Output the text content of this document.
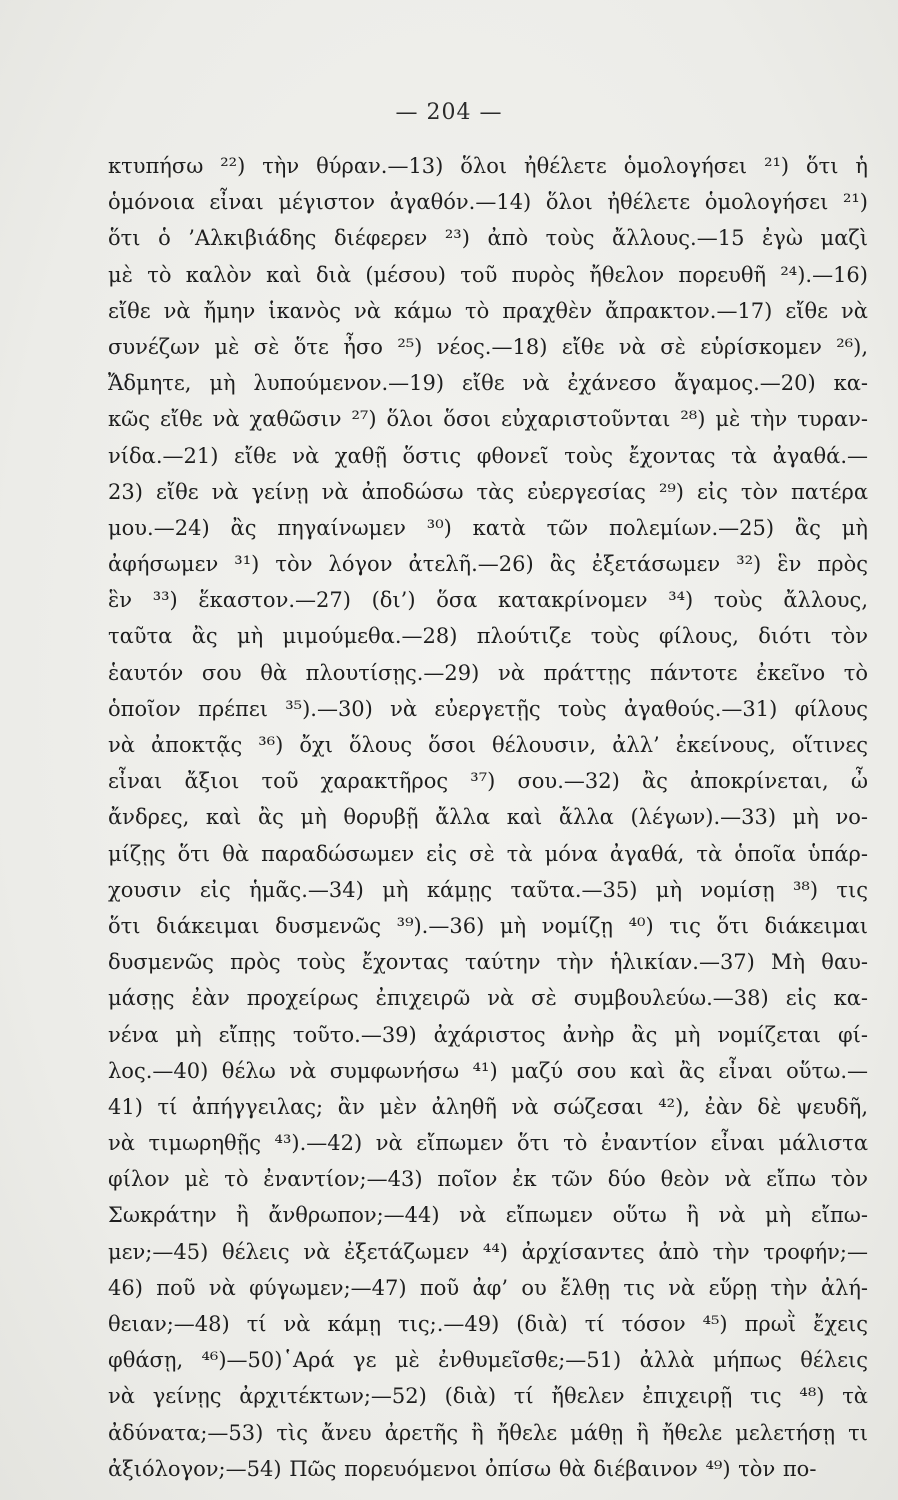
— 204 —
κτυπήσω ²²) τὴν θύραν.—13) ὅλοι ἠθέλετε ὁμολογήσει ²¹) ὅτι ἡ
ὁμόνοια εἶναι μέγιστον ἀγαθόν.—14) ὅλοι ἠθέλετε ὁμολογήσει ²¹)
ὅτι ὁ ’Αλκιβιάδης διέφερεν ²³) ἀπὸ τοὺς ἄλλους.—15 ἐγὼ μαζὶ
μὲ τὸ καλὸν καὶ διὰ (μέσου) τοῦ πυρὸς ἤθελον πορευθῆ ²⁴).—16)
εἴθε νὰ ἤμην ἱκανὸς νὰ κάμω τὸ πραχθὲν ἄπρακτον.—17) εἴθε νὰ
συνέζων μὲ σὲ ὅτε ἦσο ²⁵) νέος.—18) εἴθε νὰ σὲ εὑρίσκομεν ²⁶),
Ἄδμητε, μὴ λυπούμενον.—19) εἴθε νὰ ἐχάνεσο ἄγαμος.—20) κα-
κῶς εἴθε νὰ χαθῶσιν ²⁷) ὅλοι ὅσοι εὐχαριστοῦνται ²⁸) μὲ τὴν τυραν-
νίδα.—21) εἴθε νὰ χαθῇ ὅστις φθονεῖ τοὺς ἔχοντας τὰ ἀγαθά.—
23) εἴθε νὰ γείνῃ νὰ ἀποδώσω τὰς εὐεργεσίας ²⁹) εἰς τὸν πατέρα
μου.—24) ἂς πηγαίνωμεν ³⁰) κατὰ τῶν πολεμίων.—25) ἂς μὴ
ἀφήσωμεν ³¹) τὸν λόγον ἀτελῆ.—26) ἂς ἐξετάσωμεν ³²) ἓν πρὸς
ἓν ³³) ἕκαστον.—27) (δι’) ὅσα κατακρίνομεν ³⁴) τοὺς ἄλλους,
ταῦτα ἂς μὴ μιμούμεθα.—28) πλούτιζε τοὺς φίλους, διότι τὸν
ἑαυτόν σου θὰ πλουτίσῃς.—29) νὰ πράττῃς πάντοτε ἐκεῖνο τὸ
ὁποῖον πρέπει ³⁵).—30) νὰ εὐεργετῇς τοὺς ἀγαθούς.—31) φίλους
νὰ ἀποκτᾷς ³⁶) ὄχι ὅλους ὅσοι θέλουσιν, ἀλλ’ ἐκείνους, οἵτινες
εἶναι ἄξιοι τοῦ χαρακτῆρος ³⁷) σου.—32) ἂς ἀποκρίνεται, ὦ
ἄνδρες, καὶ ἂς μὴ θορυβῇ ἄλλα καὶ ἄλλα (λέγων).—33) μὴ νο-
μίζῃς ὅτι θὰ παραδώσωμεν εἰς σὲ τὰ μόνα ἀγαθά, τὰ ὁποῖα ὑπάρ-
χουσιν εἰς ἡμᾶς.—34) μὴ κάμῃς ταῦτα.—35) μὴ νομίσῃ ³⁸) τις
ὅτι διάκειμαι δυσμενῶς ³⁹).—36) μὴ νομίζῃ ⁴⁰) τις ὅτι διάκειμαι
δυσμενῶς πρὸς τοὺς ἔχοντας ταύτην τὴν ἡλικίαν.—37) Μὴ θαυ-
μάσῃς ἐὰν προχείρως ἐπιχειρῶ νὰ σὲ συμβουλεύω.—38) εἰς κα-
νένα μὴ εἴπῃς τοῦτο.—39) ἀχάριστος ἀνὴρ ἂς μὴ νομίζεται φί-
λος.—40) θέλω νὰ συμφωνήσω ⁴¹) μαζύ σου καὶ ἂς εἶναι οὕτω.—
41) τί ἀπήγγειλας; ἂν μὲν ἀληθῆ νὰ σώζεσαι ⁴²), ἐὰν δὲ ψευδῆ,
νὰ τιμωρηθῇς ⁴³).—42) νὰ εἴπωμεν ὅτι τὸ ἐναντίον εἶναι μάλιστα
φίλον μὲ τὸ ἐναντίον;—43) ποῖον ἐκ τῶν δύο θεὸν νὰ εἴπω τὸν
Σωκράτην ἢ ἄνθρωπον;—44) νὰ εἴπωμεν οὕτω ἢ νὰ μὴ εἴπω-
μεν;—45) θέλεις νὰ ἐξετάζωμεν ⁴⁴) ἀρχίσαντες ἀπὸ τὴν τροφήν;—
46) ποῦ νὰ φύγωμεν;—47) ποῦ ἀφ’ ου ἔλθῃ τις νὰ εὕρῃ τὴν ἀλή-
θειαν;—48) τί νὰ κάμῃ τις;.—49) (διὰ) τί τόσον ⁴⁵) πρωῒ ἔχεις
φθάσῃ, ⁴⁶)—50)῾Αρά γε μὲ ἐνθυμεῖσθε;—51) ἀλλὰ μήπως θέλεις
νὰ γείνῃς ἀρχιτέκτων;—52) (διὰ) τί ἤθελεν ἐπιχειρῇ τις ⁴⁸) τὰ
ἀδύνατα;—53) τὶς ἄνευ ἀρετῆς ἢ ἤθελε μάθῃ ἢ ἤθελε μελετήσῃ τι
ἀξιόλογον;—54) Πῶς πορευόμενοι ὀπίσω θὰ διέβαινον ⁴⁹) τὸν πο-
